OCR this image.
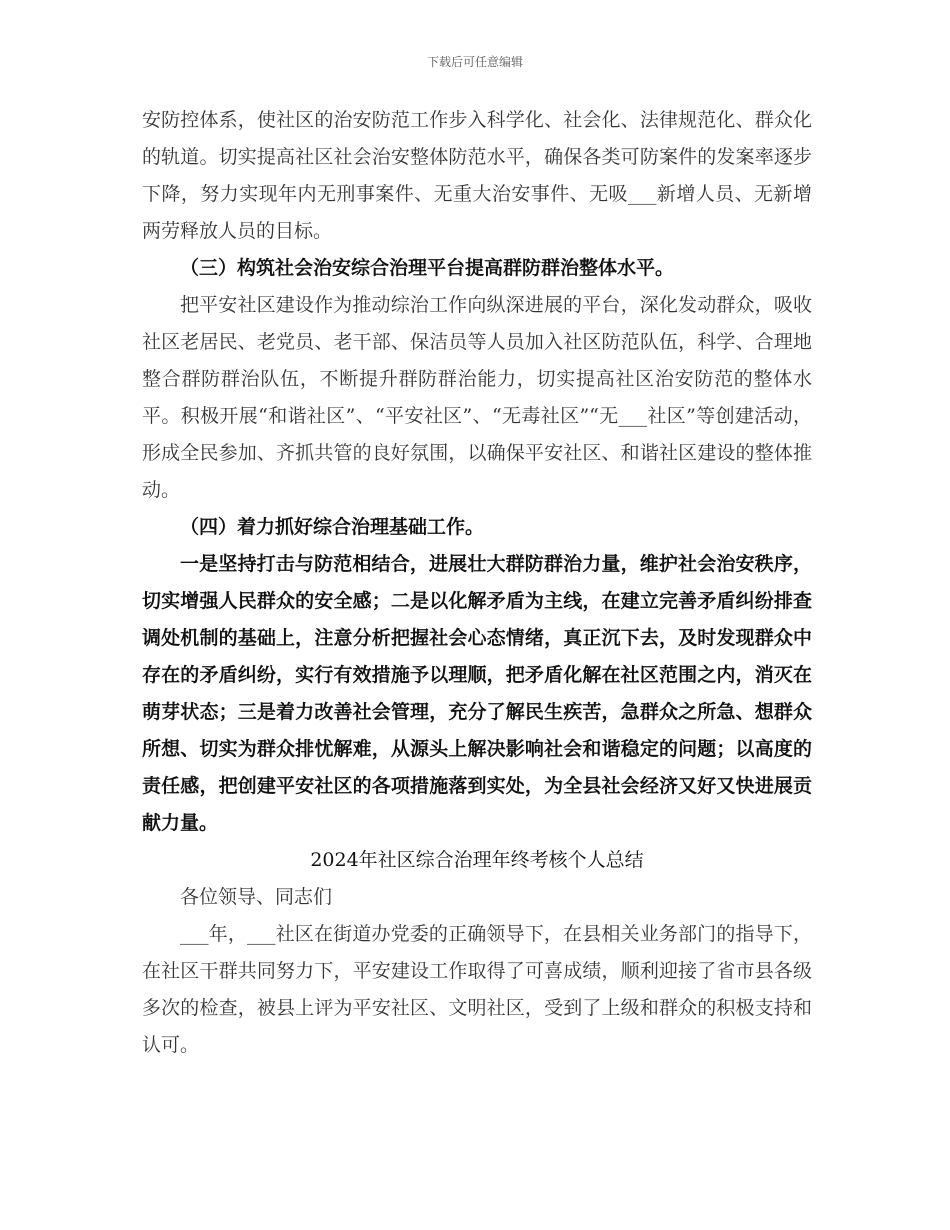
下载后可任意编辑

安防控体系，使社区的治安防范工作步入科学化、社会化、法律规范化、群众化的轨道。切实提高社区社会治安整体防范水平，确保各类可防案件的发案率逐步下降，努力实现年内无刑事案件、无重大治安事件、无吸___新增人员、无新增两劳释放人员的目标。

（三）构筑社会治安综合治理平台提高群防群治整体水平。

把平安社区建设作为推动综治工作向纵深进展的平台，深化发动群众，吸收社区老居民、老党员、老干部、保洁员等人员加入社区防范队伍，科学、合理地整合群防群治队伍，不断提升群防群治能力，切实提高社区治安防范的整体水平。积极开展“和谐社区”、“平安社区”、“无毒社区”“无___社区”等创建活动，形成全民参加、齐抓共管的良好氛围，以确保平安社区、和谐社区建设的整体推动。

（四）着力抓好综合治理基础工作。

一是坚持打击与防范相结合，进展壮大群防群治力量，维护社会治安秩序，切实增强人民群众的安全感；二是以化解矛盾为主线，在建立完善矛盾纠纷排查调处机制的基础上，注意分析把握社会心态情绪，真正沉下去，及时发现群众中存在的矛盾纠纷，实行有效措施予以理顺，把矛盾化解在社区范围之内，消灭在萌芽状态；三是着力改善社会管理，充分了解民生疾苦，急群众之所急、想群众所想、切实为群众排忧解难，从源头上解决影响社会和谐稳定的问题；以高度的责任感，把创建平安社区的各项措施落到实处，为全县社会经济又好又快进展贡献力量。

2024年社区综合治理年终考核个人总结

各位领导、同志们

___年，___社区在街道办党委的正确领导下，在县相关业务部门的指导下，在社区干群共同努力下，平安建设工作取得了可喜成绩，顺利迎接了省市县各级多次的检查，被县上评为平安社区、文明社区，受到了上级和群众的积极支持和认可。
